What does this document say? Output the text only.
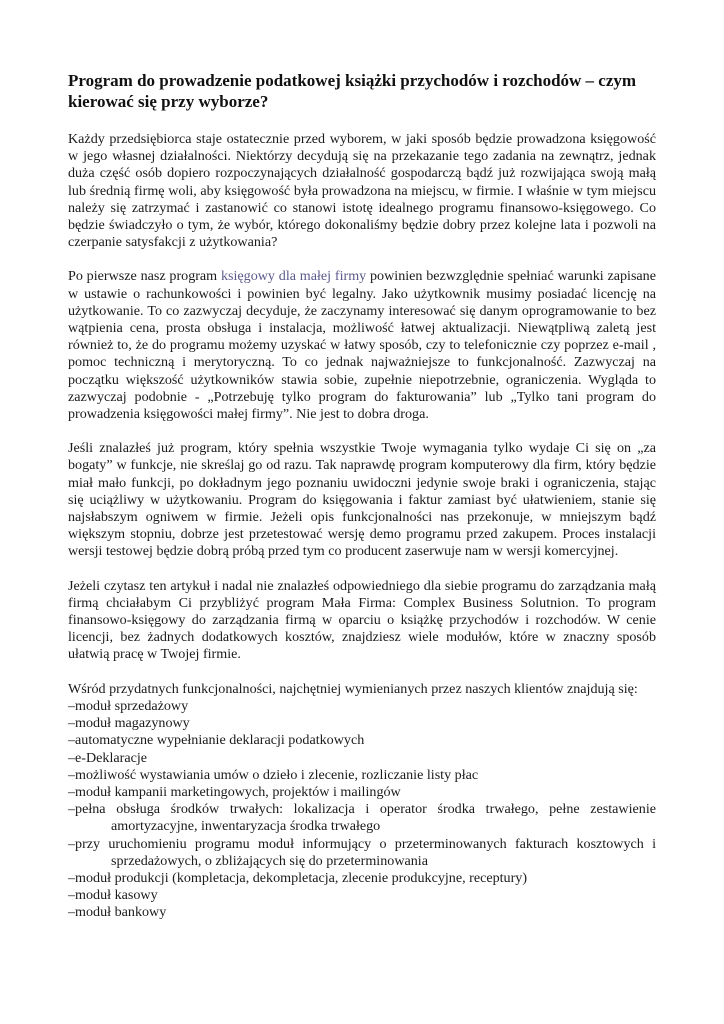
Program do prowadzenie podatkowej książki przychodów i rozchodów – czym kierować się przy wyborze?

Każdy przedsiębiorca staje ostatecznie przed wyborem, w jaki sposób będzie prowadzona księgowość w jego własnej działalności. Niektórzy decydują się na przekazanie tego zadania na zewnątrz, jednak duża część osób dopiero rozpoczynających działalność gospodarczą bądź już rozwijająca swoją małą lub średnią firmę woli, aby księgowość była prowadzona na miejscu, w firmie. I właśnie w tym miejscu należy się zatrzymać i zastanowić co stanowi istotę idealnego programu finansowo-księgowego. Co będzie świadczyło o tym, że wybór, którego dokonaliśmy będzie dobry przez kolejne lata i pozwoli na czerpanie satysfakcji z użytkowania?

Po pierwsze nasz program księgowy dla małej firmy powinien bezwzględnie spełniać warunki zapisane w ustawie o rachunkowości i powinien być legalny. Jako użytkownik musimy posiadać licencję na użytkowanie. To co zazwyczaj decyduje, że zaczynamy interesować się danym oprogramowanie to bez wątpienia cena, prosta obsługa i instalacja, możliwość łatwej aktualizacji. Niewątpliwą zaletą jest również to, że do programu możemy uzyskać w łatwy sposób, czy to telefonicznie czy poprzez e-mail , pomoc techniczną i merytoryczną. To co jednak najważniejsze to funkcjonalność. Zazwyczaj na początku większość użytkowników stawia sobie, zupełnie niepotrzebnie, ograniczenia. Wygląda to zazwyczaj podobnie - „Potrzebuję tylko program do fakturowania” lub „Tylko tani program do prowadzenia księgowości małej firmy”. Nie jest to dobra droga.

Jeśli znalazłeś już program, który spełnia wszystkie Twoje wymagania tylko wydaje Ci się on „za bogaty” w funkcje, nie skreślaj go od razu. Tak naprawdę program komputerowy dla firm, który będzie miał mało funkcji, po dokładnym jego poznaniu uwidoczni jedynie swoje braki i ograniczenia, stając się uciążliwy w użytkowaniu. Program do księgowania i faktur zamiast być ułatwieniem, stanie się najsłabszym ogniwem w firmie. Jeżeli opis funkcjonalności nas przekonuje, w mniejszym bądź większym stopniu, dobrze jest przetestować wersję demo programu przed zakupem. Proces instalacji wersji testowej będzie dobrą próbą przed tym co producent zaserwuje nam w wersji komercyjnej.

Jeżeli czytasz ten artykuł i nadal nie znalazłeś odpowiedniego dla siebie programu do zarządzania małą firmą chciałabym Ci przybliżyć program Mała Firma: Complex Business Solutnion. To program finansowo-księgowy do zarządzania firmą w oparciu o książkę przychodów i rozchodów. W cenie licencji, bez żadnych dodatkowych kosztów, znajdziesz wiele modułów, które w znaczny sposób ułatwią pracę w Twojej firmie.

Wśród przydatnych funkcjonalności, najchętniej wymienianych przez naszych klientów znajdują się:

–moduł sprzedażowy
–moduł magazynowy
–automatyczne wypełnianie deklaracji podatkowych
–e-Deklaracje
–możliwość wystawiania umów o dzieło i zlecenie, rozliczanie listy płac
–moduł kampanii marketingowych, projektów i mailingów
–pełna obsługa środków trwałych: lokalizacja i operator środka trwałego, pełne zestawienie amortyzacyjne, inwentaryzacja środka trwałego
–przy uruchomieniu programu moduł informujący o przeterminowanych fakturach kosztowych i sprzedażowych, o zbliżających się do przeterminowania
–moduł produkcji (kompletacja, dekompletacja, zlecenie produkcyjne, receptury)
–moduł kasowy
–moduł bankowy
